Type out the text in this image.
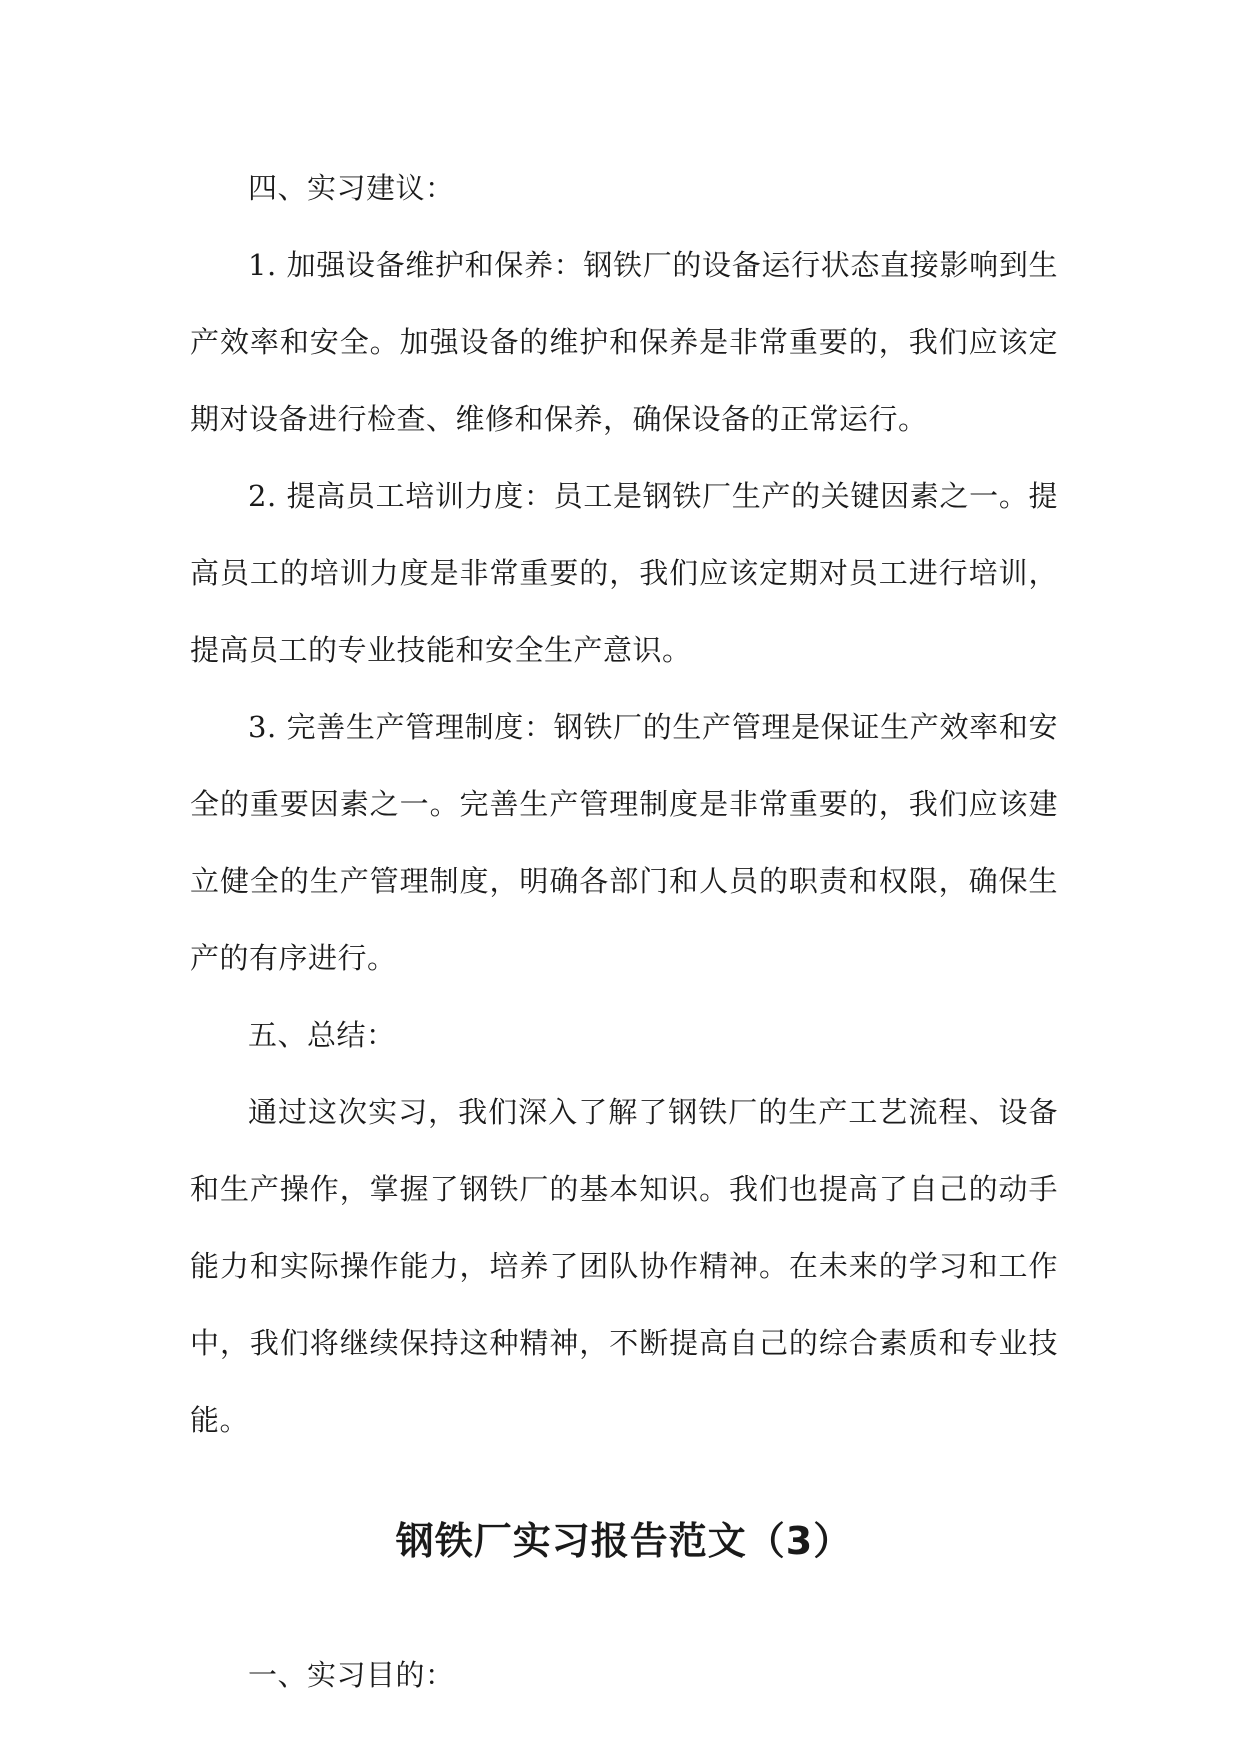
四、实习建议：

1. 加强设备维护和保养：钢铁厂的设备运行状态直接影响到生产效率和安全。加强设备的维护和保养是非常重要的，我们应该定期对设备进行检查、维修和保养，确保设备的正常运行。

2. 提高员工培训力度：员工是钢铁厂生产的关键因素之一。提高员工的培训力度是非常重要的，我们应该定期对员工进行培训，提高员工的专业技能和安全生产意识。

3. 完善生产管理制度：钢铁厂的生产管理是保证生产效率和安全的重要因素之一。完善生产管理制度是非常重要的，我们应该建立健全的生产管理制度，明确各部门和人员的职责和权限，确保生产的有序进行。

五、总结：

通过这次实习，我们深入了解了钢铁厂的生产工艺流程、设备和生产操作，掌握了钢铁厂的基本知识。我们也提高了自己的动手能力和实际操作能力，培养了团队协作精神。在未来的学习和工作中，我们将继续保持这种精神，不断提高自己的综合素质和专业技能。

钢铁厂实习报告范文（3）

一、实习目的：
